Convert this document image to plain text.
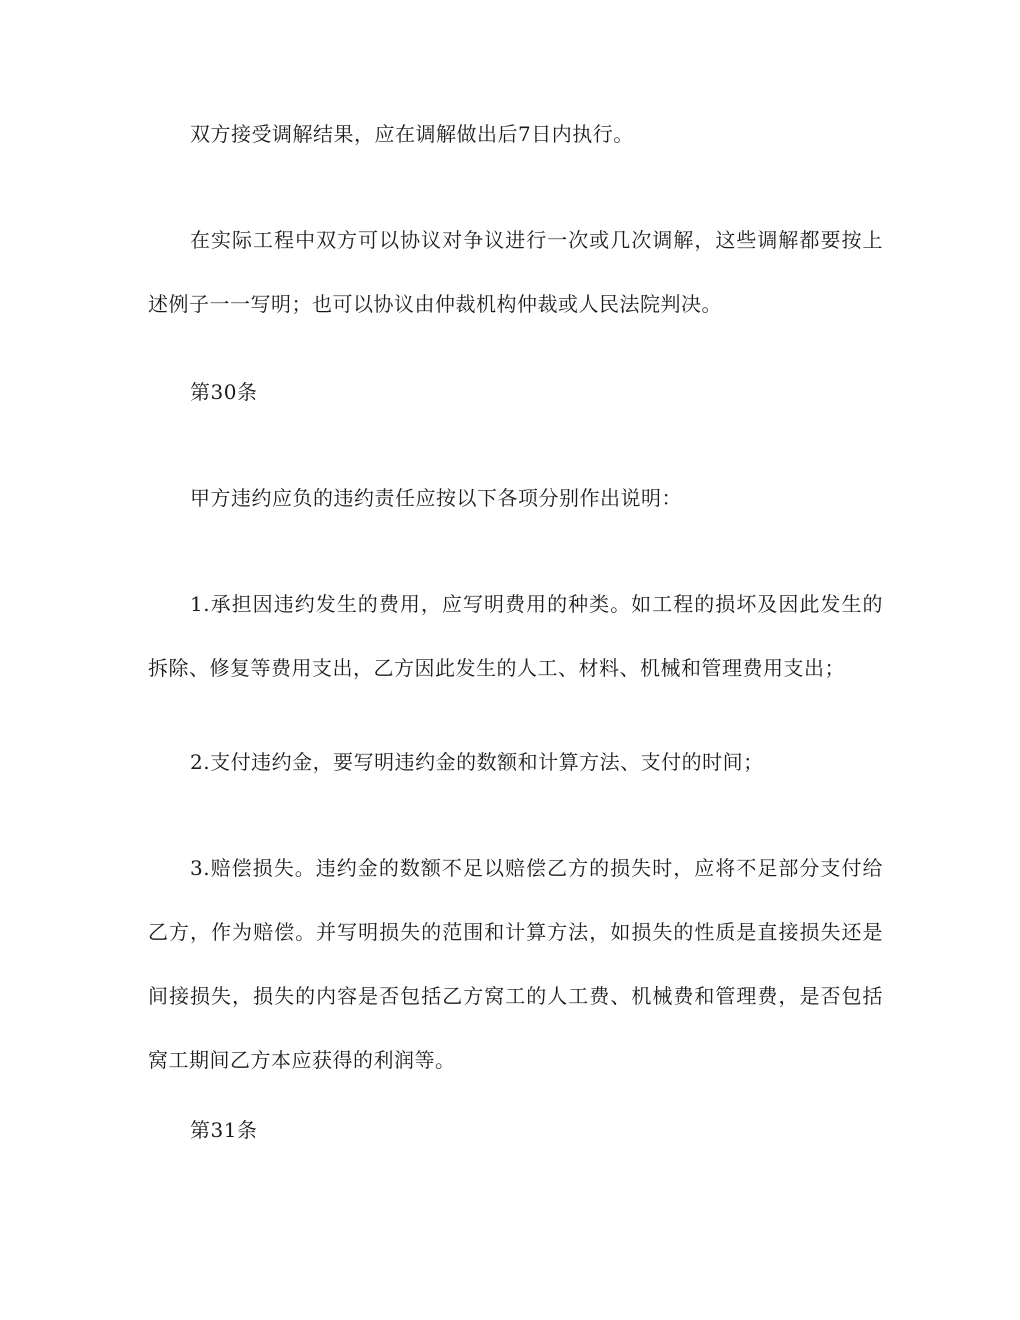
双方接受调解结果，应在调解做出后7日内执行。

在实际工程中双方可以协议对争议进行一次或几次调解，这些调解都要按上述例子一一写明；也可以协议由仲裁机构仲裁或人民法院判决。

第30条

甲方违约应负的违约责任应按以下各项分别作出说明：

1.承担因违约发生的费用，应写明费用的种类。如工程的损坏及因此发生的拆除、修复等费用支出，乙方因此发生的人工、材料、机械和管理费用支出；

2.支付违约金，要写明违约金的数额和计算方法、支付的时间；

3.赔偿损失。违约金的数额不足以赔偿乙方的损失时，应将不足部分支付给乙方，作为赔偿。并写明损失的范围和计算方法，如损失的性质是直接损失还是间接损失，损失的内容是否包括乙方窝工的人工费、机械费和管理费，是否包括窝工期间乙方本应获得的利润等。

第31条
